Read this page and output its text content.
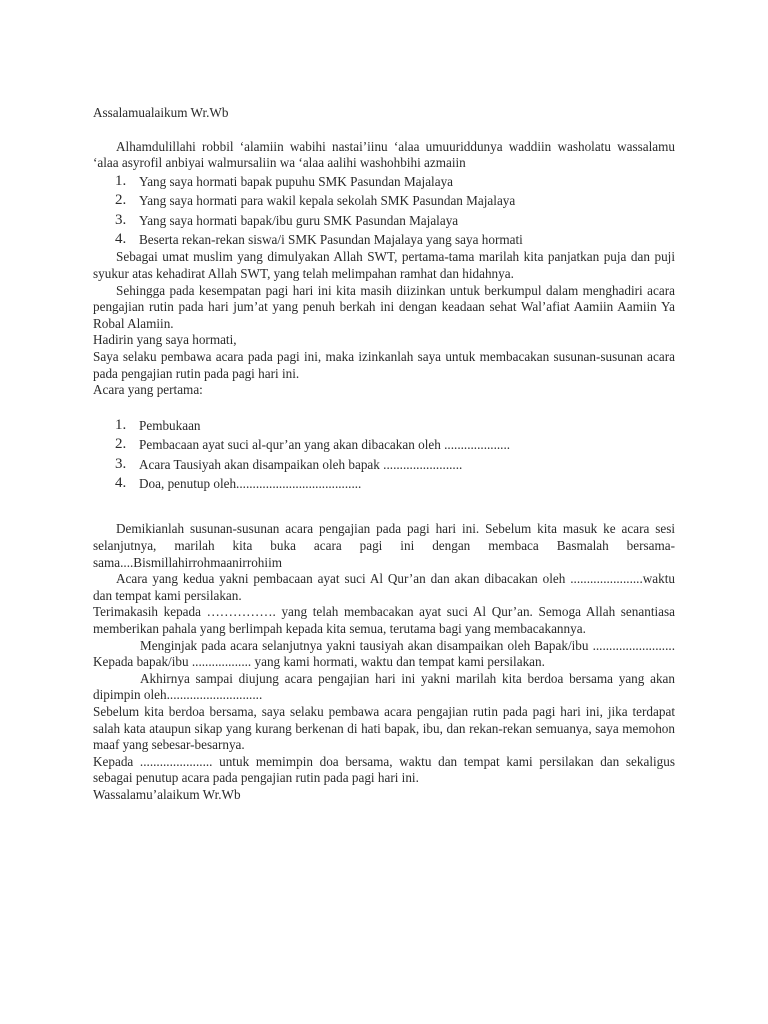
Assalamualaikum Wr.Wb

Alhamdulillahi robbil ‘alamiin wabihi nastai’iinu ‘alaa umuuriddunya waddiin washolatu wassalamu ‘alaa asyrofil anbiyai walmursaliin wa ‘alaa aalihi washohbihi azmaiin

1. Yang saya hormati bapak pupuhu SMK Pasundan Majalaya
2. Yang saya hormati para wakil kepala sekolah SMK Pasundan Majalaya
3. Yang saya hormati bapak/ibu guru SMK Pasundan Majalaya
4. Beserta rekan-rekan siswa/i SMK Pasundan Majalaya yang saya hormati

Sebagai umat muslim yang dimulyakan Allah SWT, pertama-tama marilah kita panjatkan puja dan puji syukur atas kehadirat Allah SWT, yang telah melimpahan ramhat dan hidahnya.

Sehingga pada kesempatan pagi hari ini kita masih diizinkan untuk berkumpul dalam menghadiri acara pengajian rutin pada hari jum’at yang penuh berkah ini dengan keadaan sehat Wal’afiat Aamiin Aamiin Ya Robal Alamiin.

Hadirin yang saya hormati,

Saya selaku pembawa acara pada pagi ini, maka izinkanlah saya untuk membacakan susunan-susunan acara pada pengajian rutin pada pagi hari ini.

Acara yang pertama:

1. Pembukaan
2. Pembacaan ayat suci al-qur’an yang akan dibacakan oleh ....................
3. Acara Tausiyah akan disampaikan oleh bapak ........................
4. Doa, penutup oleh......................................

Demikianlah susunan-susunan acara pengajian pada pagi hari ini. Sebelum kita masuk ke acara sesi selanjutnya, marilah kita buka acara pagi ini dengan membaca Basmalah bersama-sama....Bismillahirrohmaanirrohiim

Acara yang kedua yakni pembacaan ayat suci Al Qur’an dan akan dibacakan oleh ......................waktu dan tempat kami persilakan.

Terimakasih kepada ……………. yang telah membacakan ayat suci Al Qur’an. Semoga Allah senantiasa memberikan pahala yang berlimpah kepada kita semua, terutama bagi yang membacakannya.

Menginjak pada acara selanjutnya yakni tausiyah akan disampaikan oleh Bapak/ibu ......................... Kepada bapak/ibu .................. yang kami hormati, waktu dan tempat kami persilakan.

Akhirnya sampai diujung acara pengajian hari ini yakni marilah kita berdoa bersama yang akan dipimpin oleh.............................

Sebelum kita berdoa bersama, saya selaku pembawa acara pengajian rutin pada pagi hari ini, jika terdapat salah kata ataupun sikap yang kurang berkenan di hati bapak, ibu, dan rekan-rekan semuanya, saya memohon maaf yang sebesar-besarnya.

Kepada ...................... untuk memimpin doa bersama, waktu dan tempat kami persilakan dan sekaligus sebagai penutup acara pada pengajian rutin pada pagi hari ini.

Wassalamu’alaikum Wr.Wb
